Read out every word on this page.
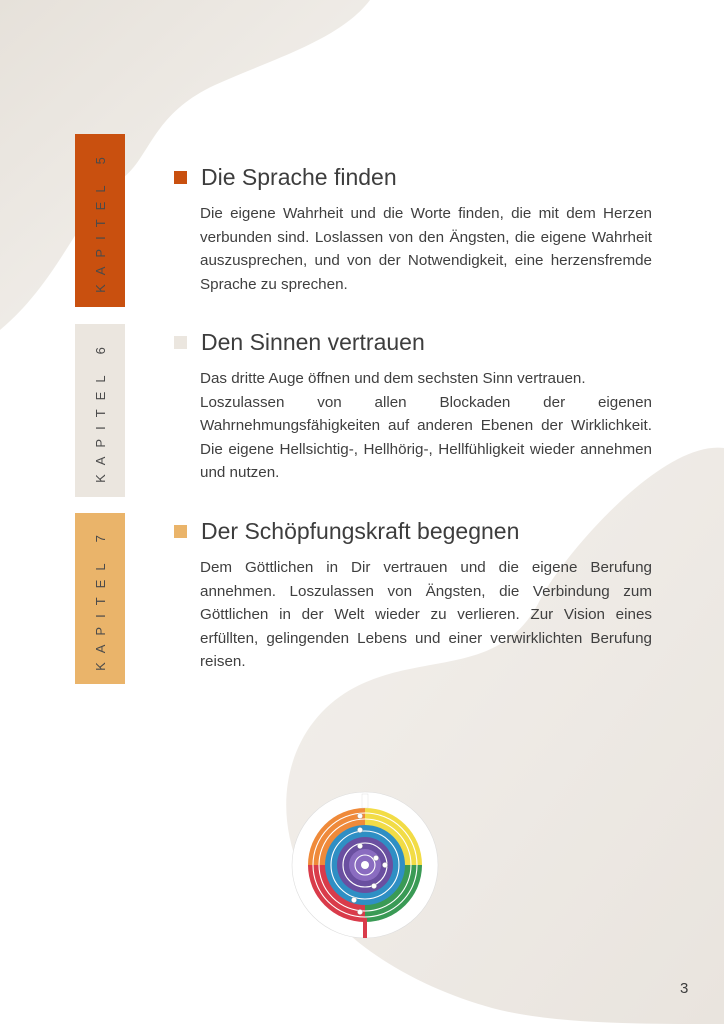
KAPITEL 5
KAPITEL 6
KAPITEL 7
Die Sprache finden

Die eigene Wahrheit und die Worte finden, die mit dem Herzen verbunden sind. Loslassen von den Ängsten, die eigene Wahrheit auszusprechen, und von der Notwendigkeit, eine herzensfremde Sprache zu sprechen.

Den Sinnen vertrauen

Das dritte Auge öffnen und dem sechsten Sinn vertrauen.

Loszulassen von allen Blockaden der eigenen Wahrnehmungsfähigkeiten auf anderen Ebenen der Wirklichkeit. Die eigene Hellsichtig-, Hellhörig-, Hellfühligkeit wieder annehmen und nutzen.

Der Schöpfungskraft begegnen

Dem Göttlichen in Dir vertrauen und die eigene Berufung annehmen. Loszulassen von Ängsten, die Verbindung zum Göttlichen in der Welt wieder zu verlieren. Zur Vision eines erfüllten, gelingenden Lebens und einer verwirklichten Berufung reisen.

3
